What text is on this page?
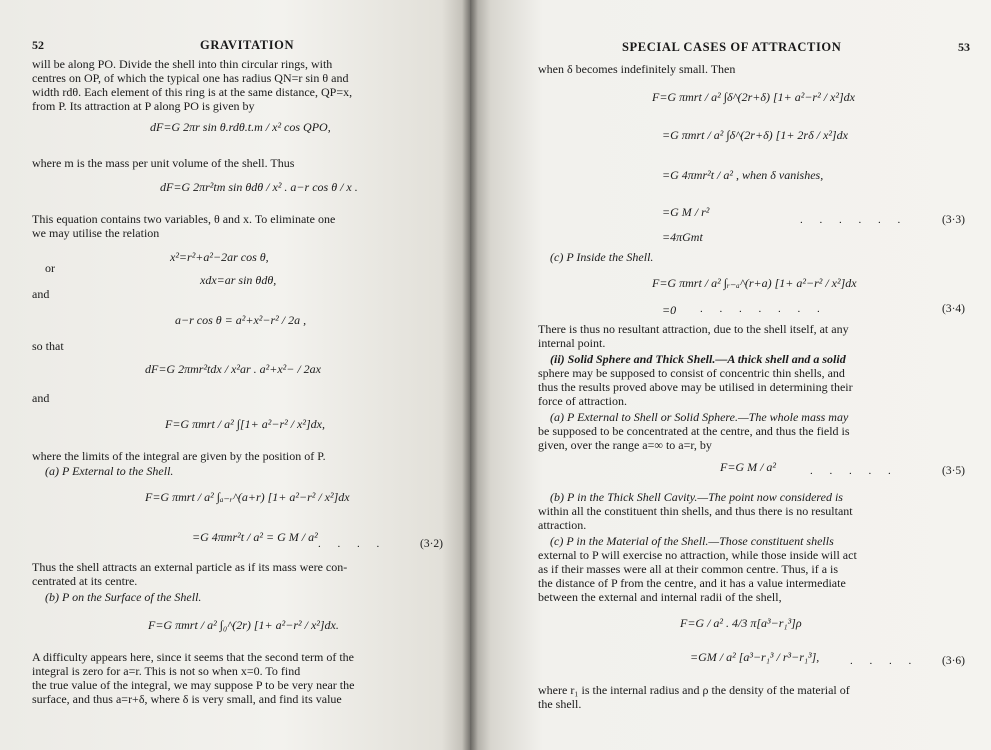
52	GRAVITATION
will be along PO. Divide the shell into thin circular rings, with
centres on OP, of which the typical one has radius QN=r sin θ and
width rdθ. Each element of this ring is at the same distance, QP=x,
from P. Its attraction at P along PO is given by
dF=G 2πr sin θ.rdθ.t.m / x² cos QPO,
where m is the mass per unit volume of the shell. Thus
dF=G 2πr²tm sin θdθ / x² . a−r cos θ / x .
This equation contains two variables, θ and x. To eliminate one
we may utilise the relation
x²=r²+a²−2ar cos θ,
or
xdx=ar sin θdθ,
and
a−r cos θ = a²+x²−r² / 2a ,
so that
dF=G 2πmr²tdx / x²ar . a²+x²− / 2ax
and
F=G πmrt / a² ∫[1+ a²−r² / x²]dx,
where the limits of the integral are given by the position of P.
(a) P External to the Shell.
F=G πmrt / a² ∫ₐ₋ᵣ^(a+r) [1+ a²−r² / x²]dx
=G 4πmr²t / a² = G M / a² . . . .	(3·2)
Thus the shell attracts an external particle as if its mass were con-
centrated at its centre.
(b) P on the Surface of the Shell.
F=G πmrt / a² ∫₀^(2r) [1+ a²−r² / x²]dx.
A difficulty appears here, since it seems that the second term of the
integral is zero for a=r. This is not so when x=0. To find
the true value of the integral, we may suppose P to be very near the
surface, and thus a=r+δ, where δ is very small, and find its value
SPECIAL CASES OF ATTRACTION	53
when δ becomes indefinitely small. Then
F=G πmrt / a² ∫δ^(2r+δ) [1+ a²−r² / x²]dx
=G πmrt / a² ∫δ^(2r+δ) [1+ 2rδ / x²]dx
=G 4πmr²t / a² , when δ vanishes,
=G M / r²
=4πGmt
. . . . . .	(3·3)
(c) P Inside the Shell.
F=G πmrt / a² ∫ᵣ₋ₐ^(r+a) [1+ a²−r² / x²]dx
=0 . . . . . . .	(3·4)
There is thus no resultant attraction, due to the shell itself, at any
internal point.
(ii) Solid Sphere and Thick Shell.—A thick shell and a solid
sphere may be supposed to consist of concentric thin shells, and
thus the results proved above may be utilised in determining their
force of attraction.
(a) P External to Shell or Solid Sphere.—The whole mass may
be supposed to be concentrated at the centre, and thus the field is
given, over the range a=∞ to a=r, by
F=G M / a²	. . . . .	(3·5)
(b) P in the Thick Shell Cavity.—The point now considered is
within all the constituent thin shells, and thus there is no resultant
attraction.
(c) P in the Material of the Shell.—Those constituent shells
external to P will exercise no attraction, while those inside will act
as if their masses were all at their common centre. Thus, if a is
the distance of P from the centre, and it has a value intermediate
between the external and internal radii of the shell,
F=G / a² . 4/3 π[a³−r₁³]ρ
=GM / a² [a³−r₁³ / r³−r₁³],	. . . . (3·6)
where r₁ is the internal radius and ρ the density of the material of
the shell.
